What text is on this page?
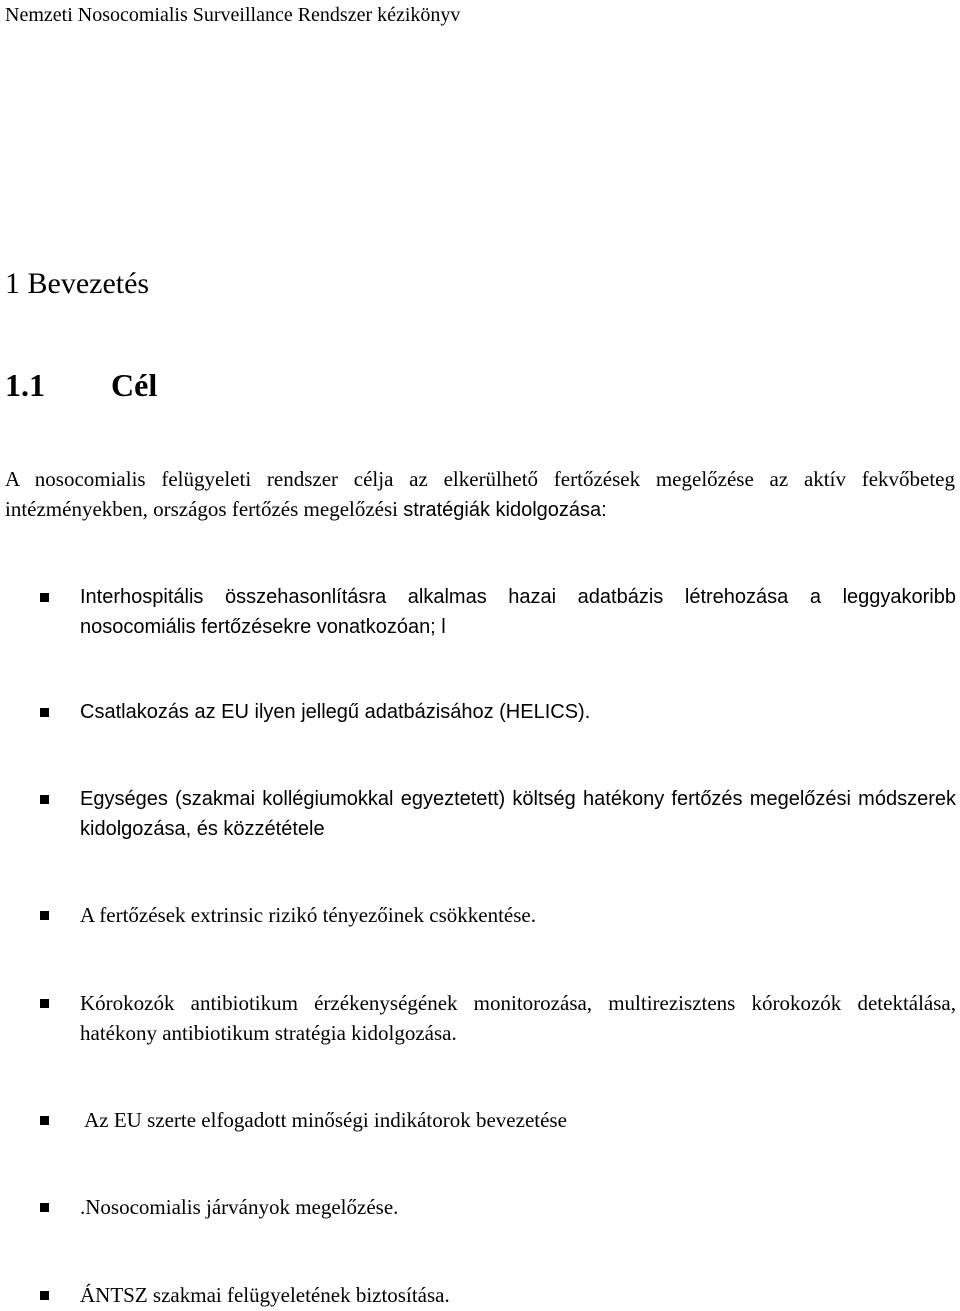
Nemzeti Nosocomialis Surveillance Rendszer kézikönyv
1 Bevezetés
1.1 Cél

A nosocomialis felügyeleti rendszer célja az elkerülhető fertőzések megelőzése az aktív fekvőbeteg intézményekben, országos fertőzés megelőzési stratégiák kidolgozása:

Interhospitális összehasonlításra alkalmas hazai adatbázis létrehozása a leggyakoribb nosocomiális fertőzésekre vonatkozóan; l
Csatlakozás az EU ilyen jellegű adatbázisához (HELICS).
Egységes (szakmai kollégiumokkal egyeztetett) költség hatékony fertőzés megelőzési módszerek kidolgozása, és közzététele
A fertőzések extrinsic rizikó tényezőinek csökkentése.
Kórokozók antibiotikum érzékenységének monitorozása, multirezisztens kórokozók detektálása, hatékony antibiotikum stratégia kidolgozása.
Az EU szerte elfogadott minőségi indikátorok bevezetése
.Nosocomialis járványok megelőzése.
ÁNTSZ szakmai felügyeletének biztosítása.
